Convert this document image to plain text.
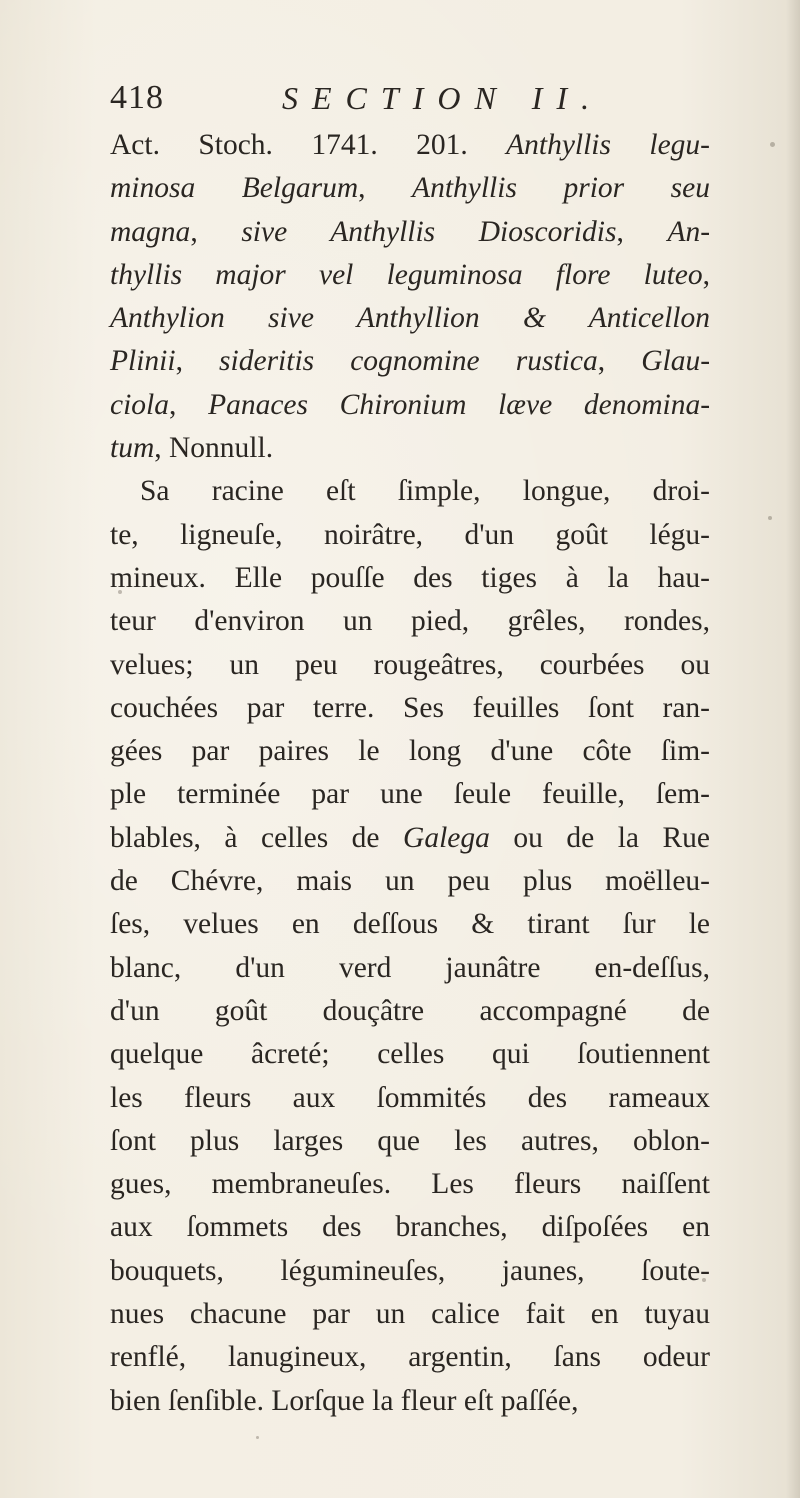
418	SECTION II.
Act. Stoch. 1741. 201. Anthyllis legu-
minosa Belgarum, Anthyllis prior seu
magna, sive Anthyllis Dioscoridis, An-
thyllis major vel leguminosa flore luteo,
Anthylion sive Anthyllion & Anticellon
Plinii, sideritis cognomine rustica, Glau-
ciola, Panaces Chironium læve denomina-
tum, Nonnull.
Sa racine eſt ſimple, longue, droi-
te, ligneuſe, noirâtre, d'un goût légu-
mineux. Elle pouſſe des tiges à la hau-
teur d'environ un pied, grêles, rondes,
velues; un peu rougeâtres, courbées ou
couchées par terre. Ses feuilles ſont ran-
gées par paires le long d'une côte ſim-
ple terminée par une ſeule feuille, ſem-
blables, à celles de Galega ou de la Rue
de Chévre, mais un peu plus moëlleu-
ſes, velues en deſſous & tirant ſur le
blanc, d'un verd jaunâtre en-deſſus,
d'un goût douçâtre accompagné de
quelque âcreté; celles qui ſoutiennent
les fleurs aux ſommités des rameaux
ſont plus larges que les autres, oblon-
gues, membraneuſes. Les fleurs naiſſent
aux ſommets des branches, diſpoſées en
bouquets, légumineuſes, jaunes, ſoute-
nues chacune par un calice fait en tuyau
renflé, lanugineux, argentin, ſans odeur
bien ſenſible. Lorſque la fleur eſt paſſée,
